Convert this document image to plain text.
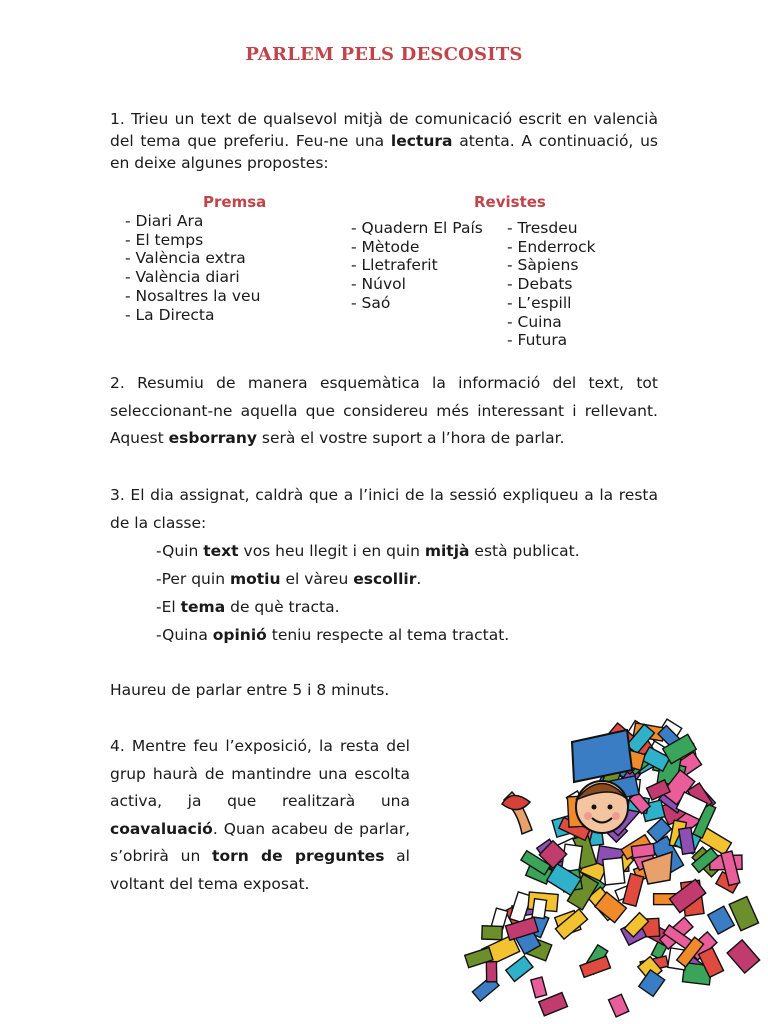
PARLEM PELS DESCOSITS
1. Trieu un text de qualsevol mitjà de comunicació escrit en valencià del tema que preferiu. Feu-ne una lectura atenta. A continuació, us en deixe algunes propostes:
Premsa	Revistes
- Diari Ara
- El temps
- València extra
- València diari
- Nosaltres la veu
- La Directa
- Quadern El País
- Mètode
- Lletraferit
- Núvol
- Saó
- Tresdeu
- Enderrock
- Sàpiens
- Debats
- L’espill
- Cuina
- Futura
2. Resumiu de manera esquemàtica la informació del text, tot seleccionant-ne aquella que considereu més interessant i rellevant. Aquest esborrany serà el vostre suport a l’hora de parlar.
3. El dia assignat, caldrà que a l’inici de la sessió expliqueu a la resta de la classe:
-Quin text vos heu llegit i en quin mitjà està publicat.
-Per quin motiu el vàreu escollir.
-El tema de què tracta.
-Quina opinió teniu respecte al tema tractat.
Haureu de parlar entre 5 i 8 minuts.
4. Mentre feu l’exposició, la resta del grup haurà de mantindre una escolta activa, ja que realitzarà una coavaluació. Quan acabeu de parlar, s’obrirà un torn de preguntes al voltant del tema exposat.
